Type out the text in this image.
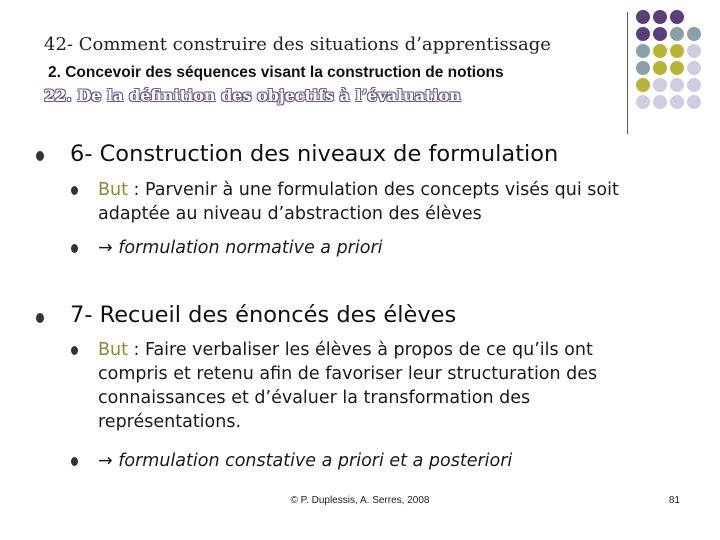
42- Comment construire des situations d’apprentissage
2. Concevoir des séquences visant la construction de notions
22. De la définition des objectifs à l’évaluation
6- Construction des niveaux de formulation
But : Parvenir à une formulation des concepts visés qui soit
adaptée au niveau d’abstraction des élèves
→ formulation normative a priori
7- Recueil des énoncés des élèves
But : Faire verbaliser les élèves à propos de ce qu’ils ont
compris et retenu afin de favoriser leur structuration des
connaissances et d’évaluer la transformation des
représentations.
→ formulation constative a priori et a posteriori
© P. Duplessis, A. Serres, 2008	81
